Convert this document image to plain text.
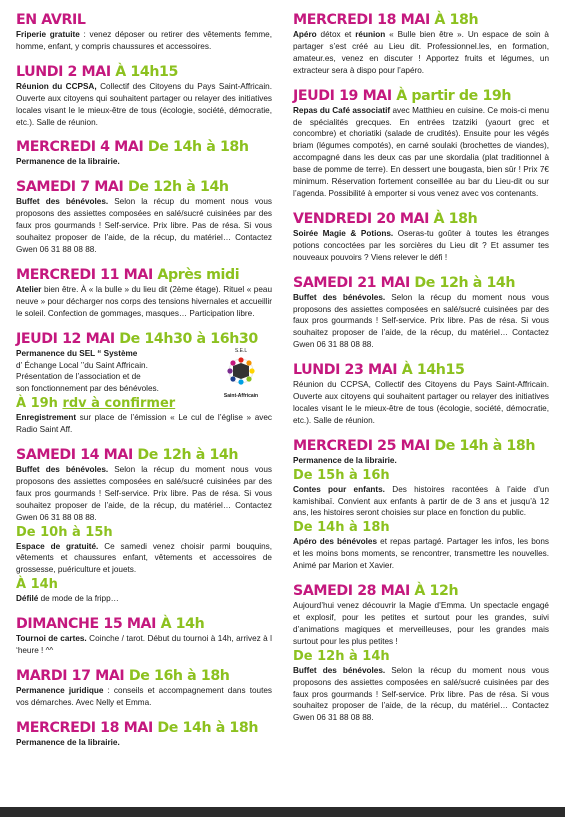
EN AVRIL
Friperie gratuite : venez déposer ou retirer des vêtements femme, homme, enfant, y compris chaussures et accessoires.
LUNDI 2 MAI À 14h15
Réunion du CCPSA, Collectif des Citoyens du Pays Saint-Affricain. Ouverte aux citoyens qui souhaitent partager ou relayer des initiatives locales visant le le mieux-être de tous (écologie, société, démocratie, etc.). Salle de réunion.
MERCREDI 4 MAI De 14h à 18h
Permanence de la librairie.
SAMEDI 7 MAI De 12h à 14h
Buffet des bénévoles. Selon la récup du moment nous vous proposons des assiettes composées en salé/sucré cuisinées par des faux pros gourmands ! Self-service. Prix libre. Pas de résa. Si vous souhaitez proposer de l’aide, de la récup, du matériel… Contactez Gwen 06 31 88 08 88.
MERCREDI 11 MAI Après midi
Atelier bien être. À « la bulle » du lieu dit (2ème étage). Rituel « peau neuve » pour décharger nos corps des tensions hivernales et accueillir le soleil. Confection de gommages, masques… Participation libre.
JEUDI 12 MAI De 14h30 à 16h30
Permanence du SEL “ Système
d’ Échange Local ’’du Saint Affricain.
Présentation de l’association et de
son fonctionnement par des bénévoles.
S.E.L
Saint-Affricain
À 19h rdv à confirmer
Enregistrement sur place de l’émission « Le cul de l’église » avec Radio Saint Aff.
SAMEDI 14 MAI De 12h à 14h
Buffet des bénévoles. Selon la récup du moment nous vous proposons des assiettes composées en salé/sucré cuisinées par des faux pros gourmands ! Self-service. Prix libre. Pas de résa. Si vous souhaitez proposer de l’aide, de la récup, du matériel… Contactez Gwen 06 31 88 08 88.
De 10h à 15h
Espace de gratuité. Ce samedi venez choisir parmi bouquins, vêtements et chaussures enfant, vêtements et accessoires de grossesse, puériculture et jouets.
À 14h
Défilé de mode de la fripp…
DIMANCHE 15 MAI À 14h
Tournoi de cartes. Coinche / tarot. Début du tournoi à 14h, arrivez à l ‘heure ! ^^
MARDI 17 MAI De 16h à 18h
Permanence juridique : conseils et accompagnement dans toutes vos démarches. Avec Nelly et Emma.
MERCREDI 18 MAI De 14h à 18h
Permanence de la librairie.
MERCREDI 18 MAI À 18h
Apéro détox et réunion « Bulle bien être ». Un espace de soin à partager s’est créé au Lieu dit. Professionnel.les, en formation, amateur.es, venez en discuter ! Apportez fruits et légumes, un extracteur sera à dispo pour l’apéro.
JEUDI 19 MAI À partir de 19h
Repas du Café associatif avec Matthieu en cuisine. Ce mois-ci menu de spécialités grecques. En entrées tzatziki (yaourt grec et concombre) et choriatiki (salade de crudités). Ensuite pour les végés briam (légumes compotés), en carné soulaki (brochettes de viandes), accompagné dans les deux cas par une skordalia (plat traditionnel à base de pomme de terre). En dessert une bougasta, bien sûr ! Prix 7€ minimum. Réservation fortement conseillée au bar du Lieu-dit ou sur l’agenda. Possibilité à emporter si vous venez avec vos contenants.
VENDREDI 20 MAI À 18h
Soirée Magie & Potions. Oseras-tu goûter à toutes les étranges potions concoctées par les sorcières du Lieu dit ? Et assumer tes nouveaux pouvoirs ? Viens relever le défi !
SAMEDI 21 MAI De 12h à 14h
Buffet des bénévoles. Selon la récup du moment nous vous proposons des assiettes composées en salé/sucré cuisinées par des faux pros gourmands ! Self-service. Prix libre. Pas de résa. Si vous souhaitez proposer de l’aide, de la récup, du matériel… Contactez Gwen 06 31 88 08 88.
LUNDI 23 MAI À 14h15
Réunion du CCPSA, Collectif des Citoyens du Pays Saint-Affricain. Ouverte aux citoyens qui souhaitent partager ou relayer des initiatives locales visant le le mieux-être de tous (écologie, société, démocratie, etc.). Salle de réunion.
MERCREDI 25 MAI De 14h à 18h
Permanence de la librairie.
De 15h à 16h
Contes pour enfants. Des histoires racontées à l’aide d’un kamishibaï. Convient aux enfants à partir de de 3 ans et jusqu’à 12 ans, les histoires seront choisies sur place en fonction du public.
De 14h à 18h
Apéro des bénévoles et repas partagé. Partager les infos, les bons et les moins bons moments, se rencontrer, transmettre les nouvelles. Animé par Marion et Xavier.
SAMEDI 28 MAI À 12h
Aujourd’hui venez découvrir la Magie d’Emma. Un spectacle engagé et explosif, pour les petites et surtout pour les grandes, suivi d’animations magiques et merveilleuses, pour les grandes mais surtout pour les plus petites !
De 12h à 14h
Buffet des bénévoles. Selon la récup du moment nous vous proposons des assiettes composées en salé/sucré cuisinées par des faux pros gourmands ! Self-service. Prix libre. Pas de résa. Si vous souhaitez proposer de l’aide, de la récup, du matériel… Contactez Gwen 06 31 88 08 88.
